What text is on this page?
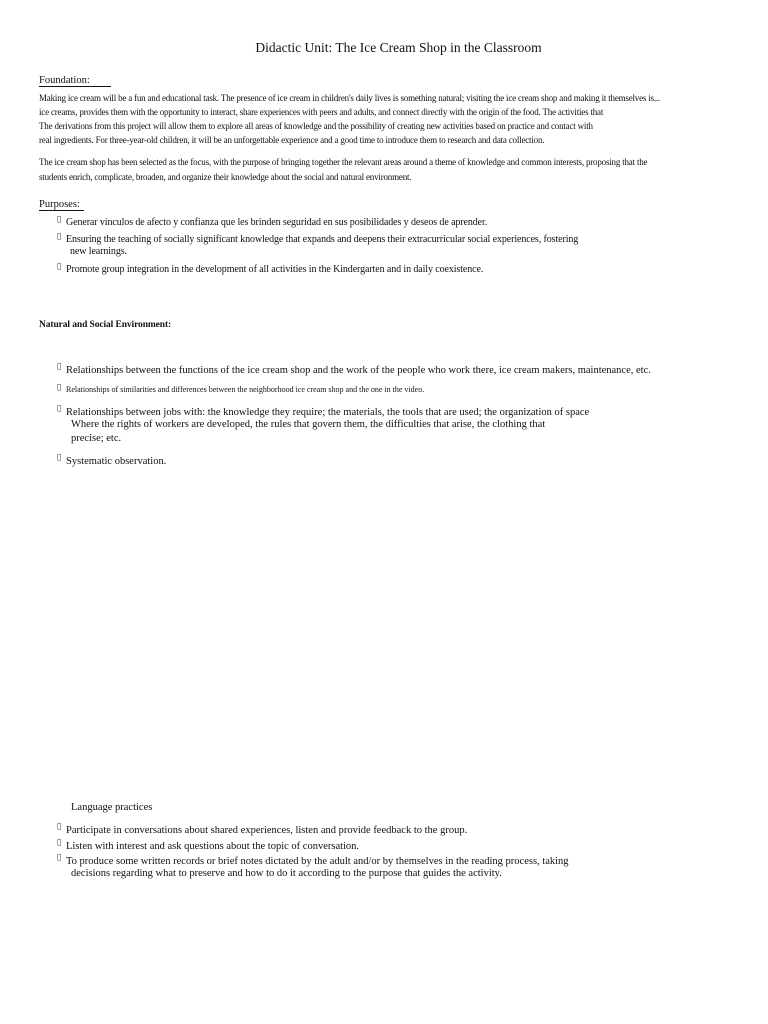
Didactic Unit: The Ice Cream Shop in the Classroom
Foundation:
Making ice cream will be a fun and educational task. The presence of ice cream in children's daily lives is something natural; visiting the ice cream shop and making it themselves is...
ice creams, provides them with the opportunity to interact, share experiences with peers and adults, and connect directly with the origin of the food. The activities that
The derivations from this project will allow them to explore all areas of knowledge and the possibility of creating new activities based on practice and contact with
real ingredients. For three-year-old children, it will be an unforgettable experience and a good time to introduce them to research and data collection.
The ice cream shop has been selected as the focus, with the purpose of bringing together the relevant areas around a theme of knowledge and common interests, proposing that the
students enrich, complicate, broaden, and organize their knowledge about the social and natural environment.
Purposes:
Generar vínculos de afecto y confianza que les brinden seguridad en sus posibilidades y deseos de aprender.
Ensuring the teaching of socially significant knowledge that expands and deepens their extracurricular social experiences, fostering
new learnings.
Promote group integration in the development of all activities in the Kindergarten and in daily coexistence.
Natural and Social Environment:
Relationships between the functions of the ice cream shop and the work of the people who work there, ice cream makers, maintenance, etc.
Relationships of similarities and differences between the neighborhood ice cream shop and the one in the video.
Relationships between jobs with: the knowledge they require; the materials, the tools that are used; the organization of space
Where the rights of workers are developed, the rules that govern them, the difficulties that arise, the clothing that
precise; etc.
Systematic observation.
Language practices
Participate in conversations about shared experiences, listen and provide feedback to the group.
Listen with interest and ask questions about the topic of conversation.
To produce some written records or brief notes dictated by the adult and/or by themselves in the reading process, taking
decisions regarding what to preserve and how to do it according to the purpose that guides the activity.
